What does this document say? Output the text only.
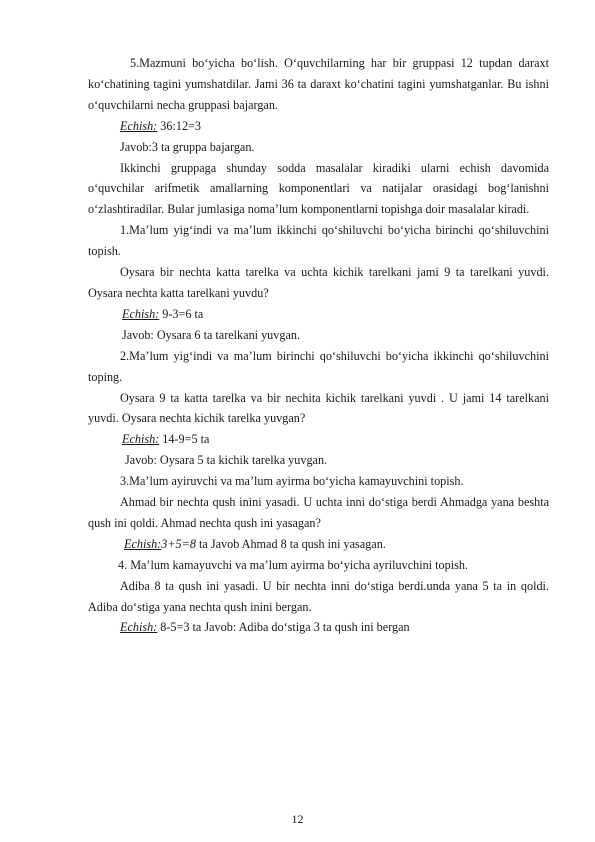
5.Mazmuni bo‘yicha bo‘lish. O‘quvchilarning har bir gruppasi 12 tupdan daraxt ko‘chatining tagini yumshatdilar. Jami 36 ta daraxt ko‘chatini tagini yumshatganlar. Bu ishni o‘quvchilarni necha gruppasi bajargan.

Echish: 36:12=3

Javob:3 ta gruppa bajargan.

Ikkinchi gruppaga shunday sodda masalalar kiradiki ularni echish davomida o‘quvchilar arifmetik amallarning komponentlari va natijalar orasidagi bog‘lanishni o‘zlashtiradilar. Bular jumlasiga noma’lum komponentlarni topishga doir masalalar kiradi.

1.Ma’lum yig‘indi va ma’lum ikkinchi qo‘shiluvchi bo‘yicha birinchi qo‘shiluvchini topish.

Oysara bir nechta katta tarelka va uchta kichik tarelkani jami 9 ta tarelkani yuvdi. Oysara nechta katta tarelkani yuvdu?

Echish: 9-3=6 ta

Javob: Oysara 6 ta tarelkani yuvgan.

2.Ma’lum yig‘indi va ma’lum birinchi qo‘shiluvchi bo‘yicha ikkinchi qo‘shiluvchini toping.

Oysara 9 ta katta tarelka va bir nechita kichik tarelkani yuvdi . U jami 14 tarelkani yuvdi. Oysara nechta kichik tarelka yuvgan?

Echish: 14-9=5 ta

Javob: Oysara 5 ta kichik tarelka yuvgan.

3.Ma’lum ayiruvchi va ma’lum ayirma bo‘yicha kamayuvchini topish.

Ahmad bir nechta qush inini yasadi. U uchta inni do‘stiga berdi Ahmadga yana beshta qush ini qoldi. Ahmad nechta qush ini yasagan?

Echish:3+5=8 ta Javob Ahmad 8 ta qush ini yasagan.

4. Ma’lum kamayuvchi va ma’lum ayirma bo‘yicha ayriluvchini topish.

Adiba 8 ta qush ini yasadi. U bir nechta inni do‘stiga berdi.unda yana 5 ta in qoldi. Adiba do‘stiga yana nechta qush inini bergan.

Echish: 8-5=3 ta Javob: Adiba do‘stiga 3 ta qush ini bergan

12
